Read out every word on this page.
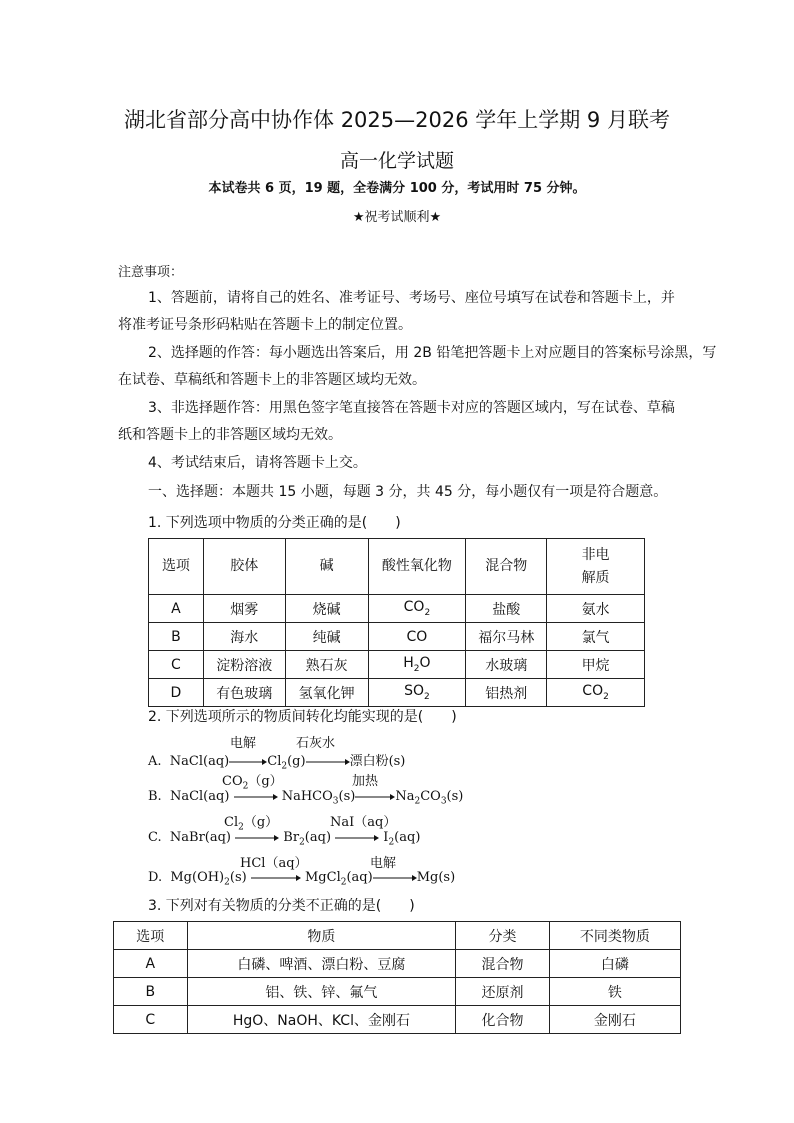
湖北省部分高中协作体 2025—2026 学年上学期 9 月联考
高一化学试题
本试卷共 6 页，19 题，全卷满分 100 分，考试用时 75 分钟。
★祝考试顺利★
注意事项：
1、答题前，请将自己的姓名、准考证号、考场号、座位号填写在试卷和答题卡上，并
将准考证号条形码粘贴在答题卡上的制定位置。
2、选择题的作答：每小题选出答案后，用 2B 铅笔把答题卡上对应题目的答案标号涂黑，写
在试卷、草稿纸和答题卡上的非答题区域均无效。
3、非选择题作答：用黑色签字笔直接答在答题卡对应的答题区域内，写在试卷、草稿
纸和答题卡上的非答题区域均无效。
4、考试结束后，请将答题卡上交。
一、选择题：本题共 15 小题，每题 3 分，共 45 分，每小题仅有一项是符合题意。
1. 下列选项中物质的分类正确的是(　　)
选项	胶体	碱	酸性氧化物	混合物	非电
解质
A	烟雾	烧碱	$CO_2$	盐酸	氨水
B	海水	纯碱	CO	福尔马林	氯气
C	淀粉溶液	熟石灰	$H_2O$	水玻璃	甲烷
D	有色玻璃	氢氧化钾	$SO_2$	铝热剂	$CO_2$
2. 下列选项所示的物质间转化均能实现的是(　　)
电解	石灰水
A. NaCl(aq)	$Cl_2(g)$	漂白粉(s)
$CO_2(g)$	加热
B. NaCl(aq)	NaHCO$_3$(s)	$Na_2CO_3(s)$
$Cl_2(g)$	NaI（aq）
C. NaBr(aq)	$Br_2(aq)$	$I_2(aq)$
HCl（aq）	电解
D. $Mg(OH)_2(s)$	MgCl$_2$(aq)	Mg(s)
3. 下列对有关物质的分类不正确的是(　　)
选项	物质	分类	不同类物质
A	白磷、啤酒、漂白粉、豆腐	混合物	白磷
B	铝、铁、锌、氟气	还原剂	铁
C	HgO、NaOH、KCl、金刚石	化合物	金刚石
